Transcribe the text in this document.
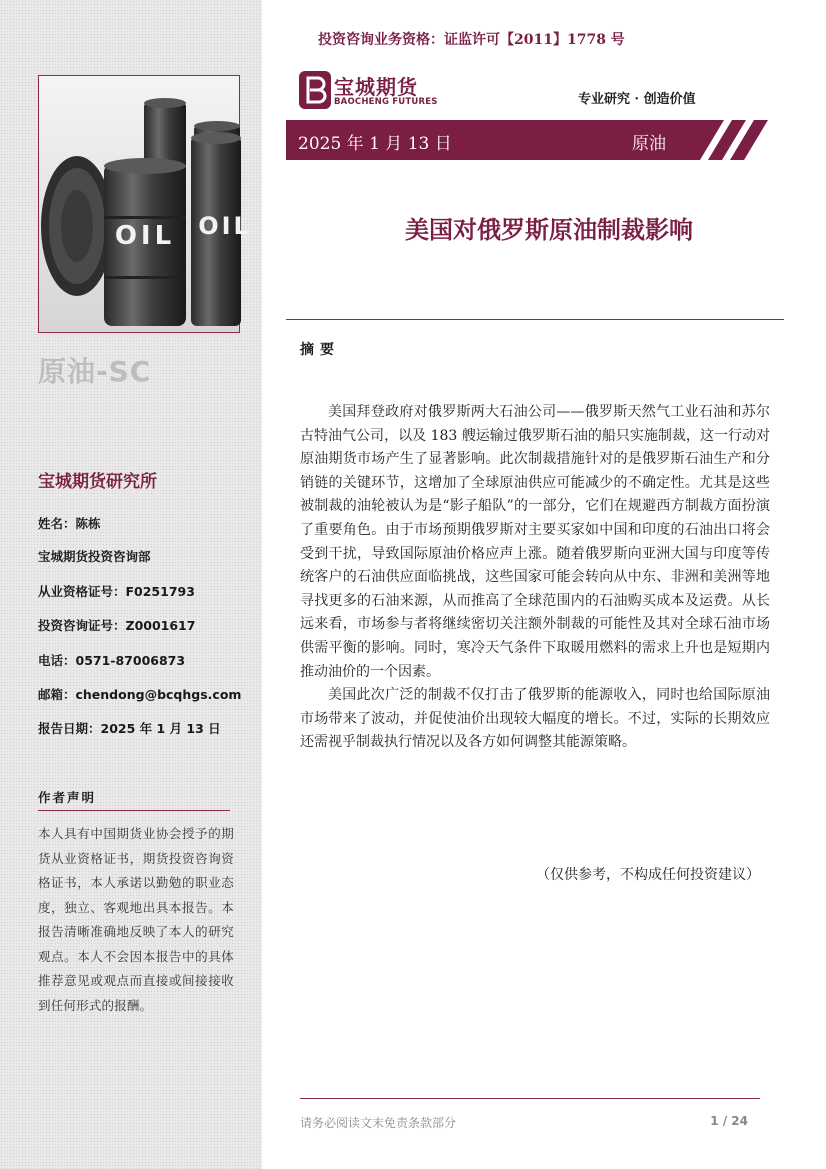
OIL OIL
原油-SC
宝城期货研究所
姓名：陈栋
宝城期货投资咨询部
从业资格证号：F0251793
投资咨询证号：Z0001617
电话：0571-87006873
邮箱：chendong@bcqhgs.com
报告日期：2025 年 1 月 13 日
作者声明
本人具有中国期货业协会授予的期货从业资格证书，期货投资咨询资格证书，本人承诺以勤勉的职业态度，独立、客观地出具本报告。本报告清晰准确地反映了本人的研究观点。本人不会因本报告中的具体推荐意见或观点而直接或间接接收到任何形式的报酬。
投资咨询业务资格：证监许可【2011】1778 号
宝城期货
BAOCHENG FUTURES	专业研究 · 创造价值
2025 年 1 月 13 日	原油
美国对俄罗斯原油制裁影响
摘要

美国拜登政府对俄罗斯两大石油公司——俄罗斯天然气工业石油和苏尔古特油气公司，以及 183 艘运输过俄罗斯石油的船只实施制裁，这一行动对原油期货市场产生了显著影响。此次制裁措施针对的是俄罗斯石油生产和分销链的关键环节，这增加了全球原油供应可能减少的不确定性。尤其是这些被制裁的油轮被认为是“影子船队”的一部分，它们在规避西方制裁方面扮演了重要角色。由于市场预期俄罗斯对主要买家如中国和印度的石油出口将会受到干扰，导致国际原油价格应声上涨。随着俄罗斯向亚洲大国与印度等传统客户的石油供应面临挑战，这些国家可能会转向从中东、非洲和美洲等地寻找更多的石油来源，从而推高了全球范围内的石油购买成本及运费。从长远来看，市场参与者将继续密切关注额外制裁的可能性及其对全球石油市场供需平衡的影响。同时，寒冷天气条件下取暖用燃料的需求上升也是短期内推动油价的一个因素。

美国此次广泛的制裁不仅打击了俄罗斯的能源收入，同时也给国际原油市场带来了波动，并促使油价出现较大幅度的增长。不过，实际的长期效应还需视乎制裁执行情况以及各方如何调整其能源策略。

（仅供参考，不构成任何投资建议）
请务必阅读文末免责条款部分	1 / 24
